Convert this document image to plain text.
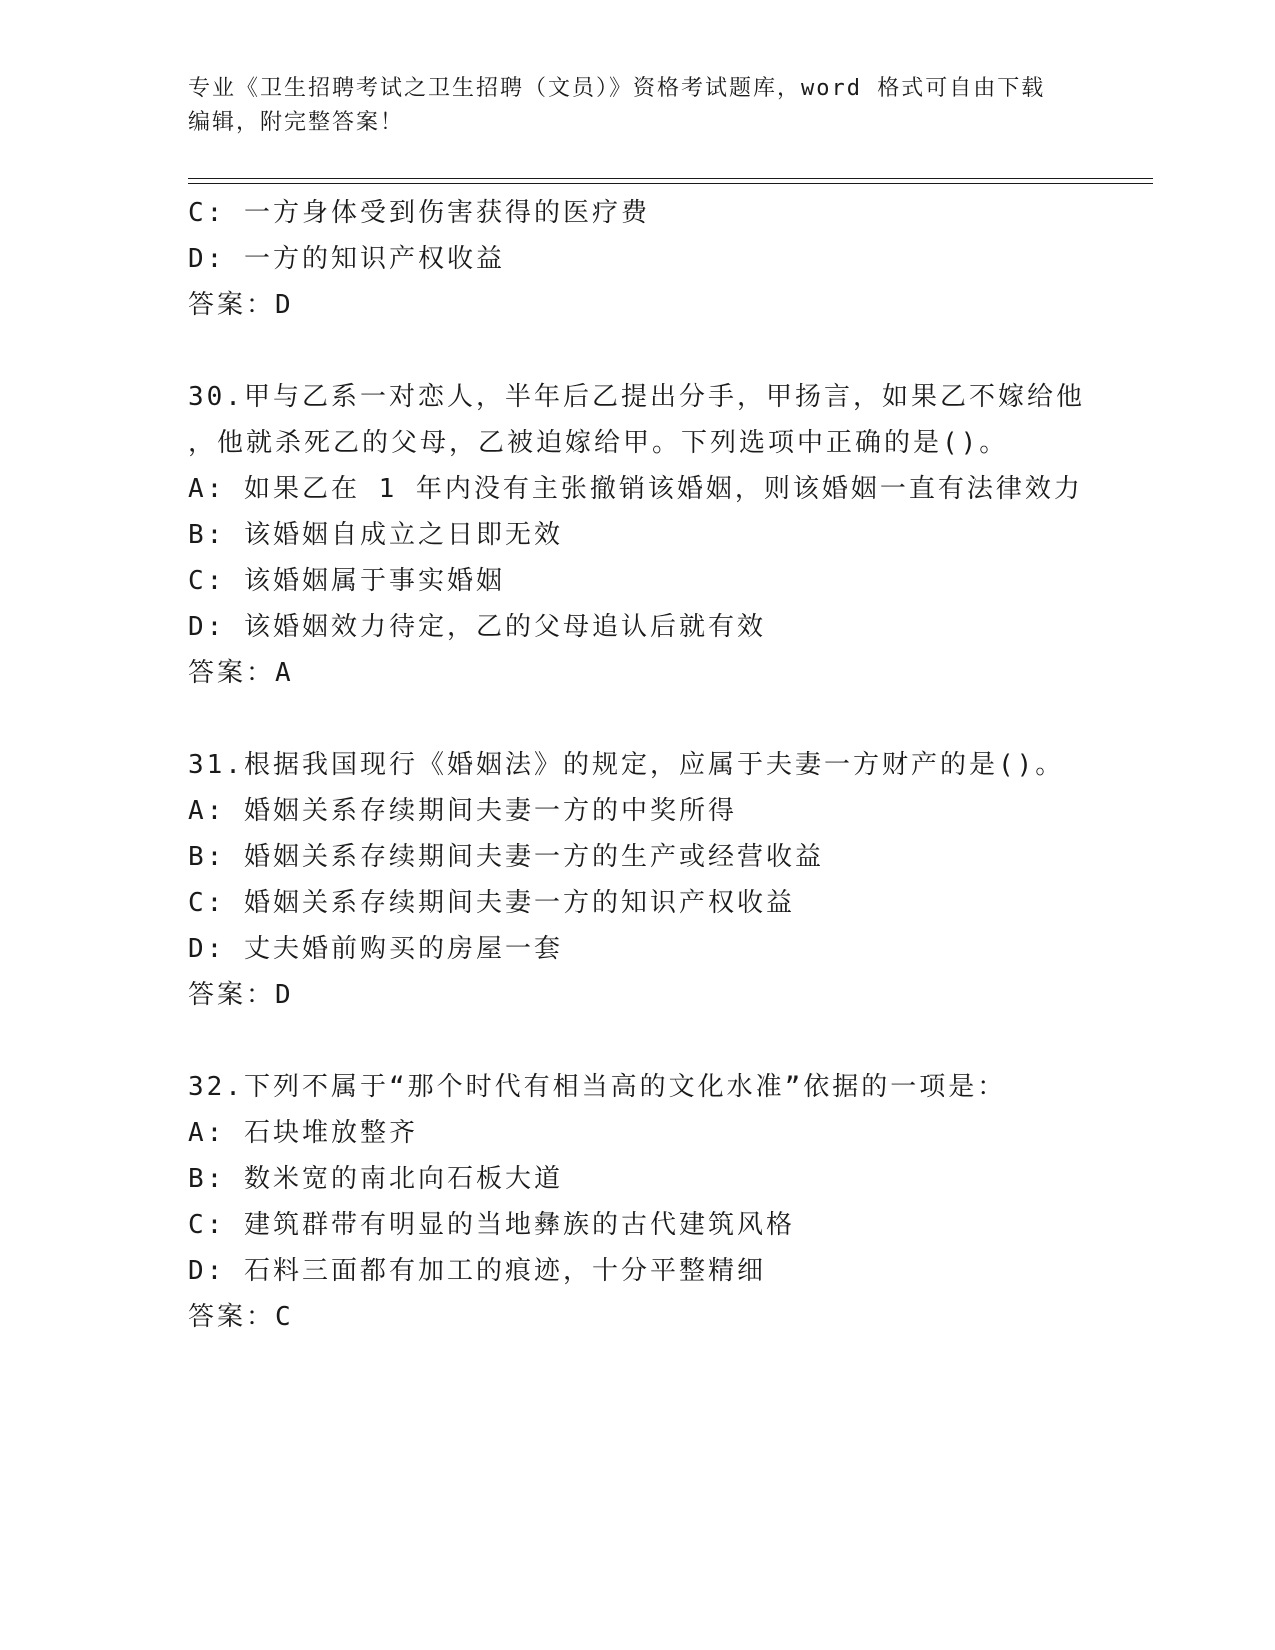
专业《卫生招聘考试之卫生招聘（文员）》资格考试题库，word 格式可自由下载
编辑，附完整答案！
C: 一方身体受到伤害获得的医疗费
D: 一方的知识产权收益
答案：D
30.甲与乙系一对恋人，半年后乙提出分手，甲扬言，如果乙不嫁给他
，他就杀死乙的父母，乙被迫嫁给甲。下列选项中正确的是()。
A: 如果乙在 1 年内没有主张撤销该婚姻，则该婚姻一直有法律效力
B: 该婚姻自成立之日即无效
C: 该婚姻属于事实婚姻
D: 该婚姻效力待定，乙的父母追认后就有效
答案：A
31.根据我国现行《婚姻法》的规定，应属于夫妻一方财产的是()。
A: 婚姻关系存续期间夫妻一方的中奖所得
B: 婚姻关系存续期间夫妻一方的生产或经营收益
C: 婚姻关系存续期间夫妻一方的知识产权收益
D: 丈夫婚前购买的房屋一套
答案：D
32.下列不属于“那个时代有相当高的文化水准”依据的一项是：
A: 石块堆放整齐
B: 数米宽的南北向石板大道
C: 建筑群带有明显的当地彝族的古代建筑风格
D: 石料三面都有加工的痕迹，十分平整精细
答案：C
